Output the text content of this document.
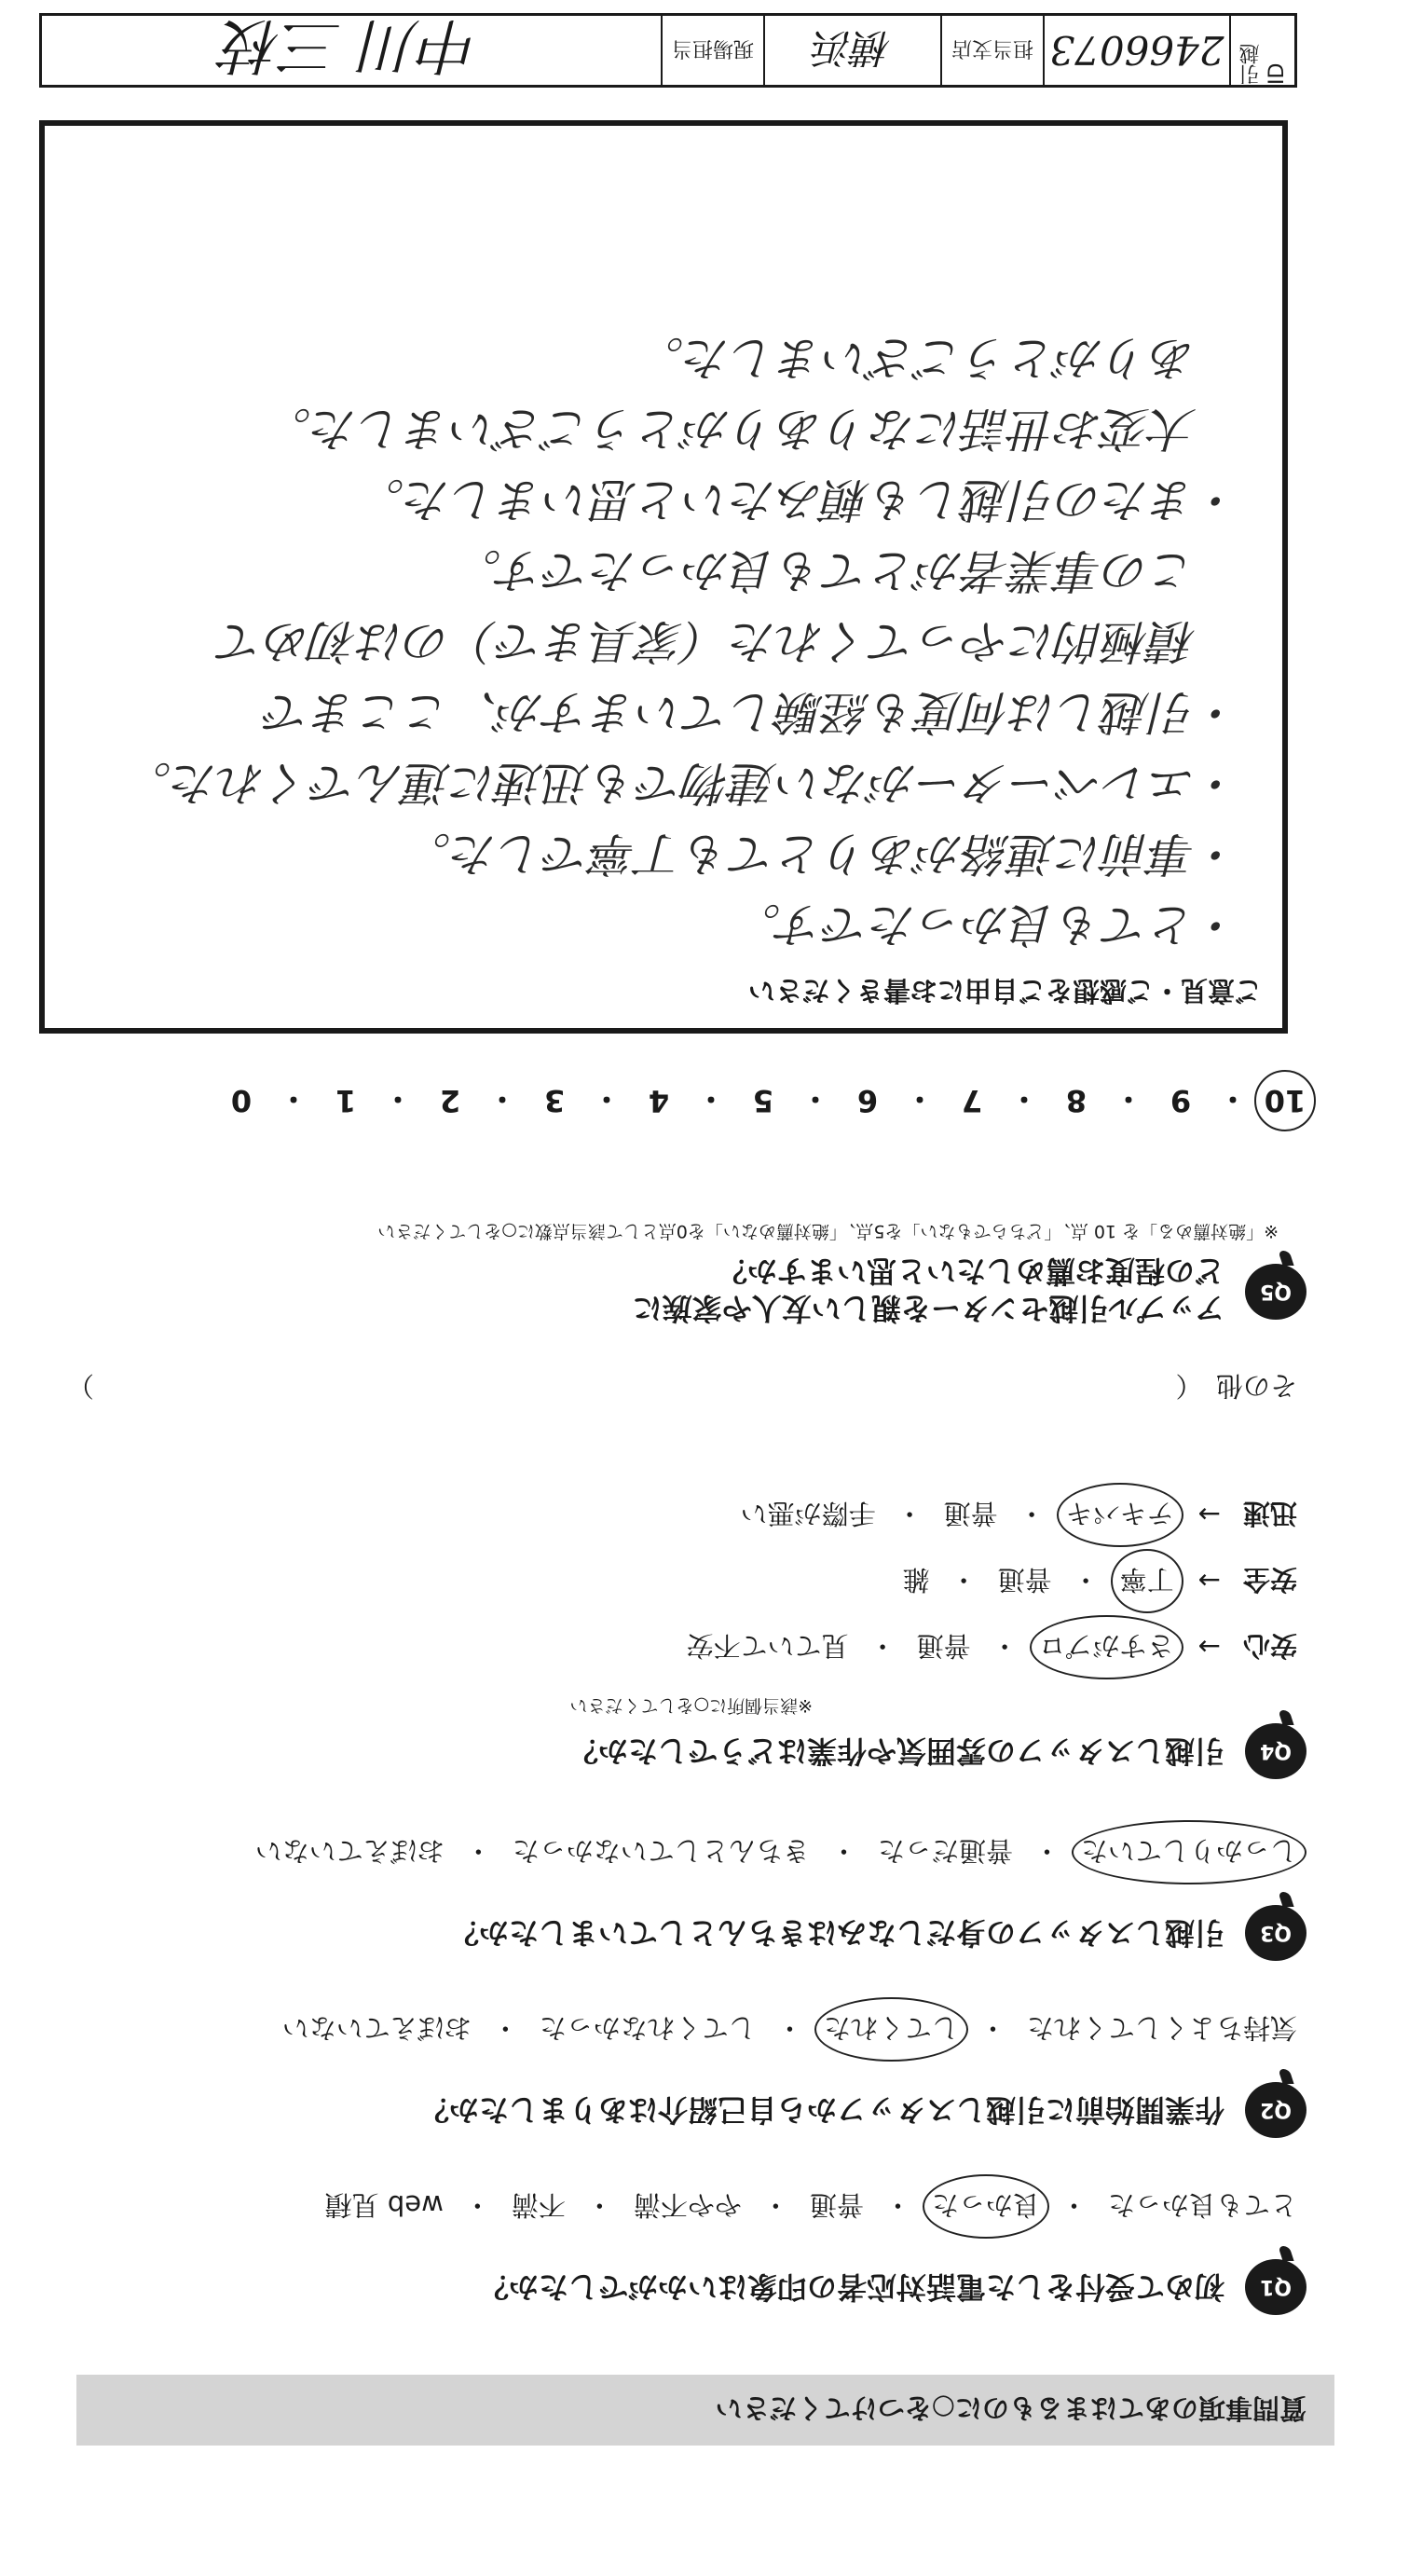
質問事項のあてはまるものに○をつけてください
Q1
初めて受付をした電話対応者の印象はいかがでしたか？
とても良かった
・
良かった
・
普通
・
やや不満
・
不満
・
web 見積
Q2
作業開始前に引越しスタッフから自己紹介はありましたか？
気持ちよくしてくれた
・
してくれた
・
してくれなかった
・
おぼえていない
Q3
引越しスタッフの身だしなみはきちんとしていましたか？
しっかりしていた
・
普通だった
・
きちんとしていなかった
・
おぼえていない
Q4
引越しスタッフの雰囲気や作業はどうでしたか？
※該当個所に○をしてください
安心
→
さすがプロ
・
普通
・
見ていて不安
安全
→
丁寧
・
普通
・
雑
迅速
→
テキパキ
・
普通
・
手際が悪い
その他　（
）
Q5
アップル引越センターを親しい友人や家族に
どの程度お薦めしたいと思いますか？
※「絶対薦める」を 10 点、「どちらでもない」を5点、「絶対薦めない」を0点として該当点数に○をしてください
10
・
9
・
8
・
7
・
6
・
5
・
4
・
3
・
2
・
1
・
0
ご意見・ご感想をご自由にお書きください
・とても良かったです。
・事前に連絡がありとても丁寧でした。
・エレベーターがない建物でも迅速に運んでくれた。
・引越しは何度も経験していますが、ここまで
　積極的にやってくれた（家具まで）のは初めて
　この事業者がとても良かったです。
・またの引越しも頼みたいと思いました。
　大変お世話になりありがとうございました。
　ありがとうございました。
引越 ID
2466073
担当支店
横浜
現場担当
中川 三枝
